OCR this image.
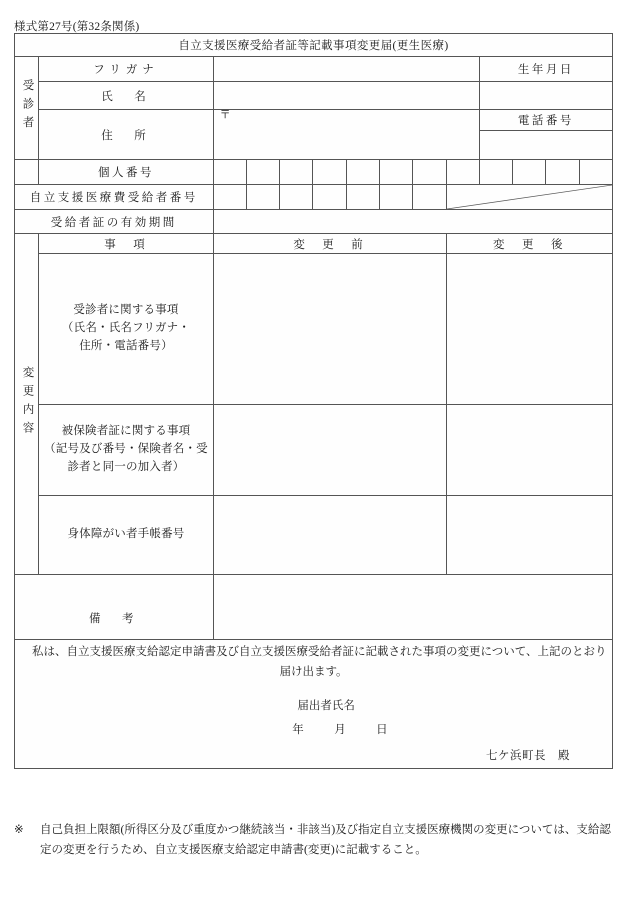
様式第27号(第32条関係)
自立支援医療受給者証等記載事項変更届(更生医療)													
受診者	フリガナ									生年月日			
	氏　名												
	住　所	〒								電話番号			

	個人番号												
自立支援医療費受給者番号								

受給者証の有効期間													
変更内容	事　項	変　更　前							変　更　後				
	受診者に関する事項
（氏名・氏名フリガナ・
住所・電話番号）												
	被保険者証に関する事項
（記号及び番号・保険者名・受
診者と同一の加入者）												
	身体障がい者手帳番号												
備　考													

私は、自立支援医療支給認定申請書及び自立支援医療受給者証に記載された事項の変更について、上記のとおり届け出ます。

届出者氏名

年	月	日

七ケ浜町長　殿

※	自己負担上限額(所得区分及び重度かつ継続該当・非該当)及び指定自立支援医療機関の変更については、支給認定の変更を行うため、自立支援医療支給認定申請書(変更)に記載すること。
